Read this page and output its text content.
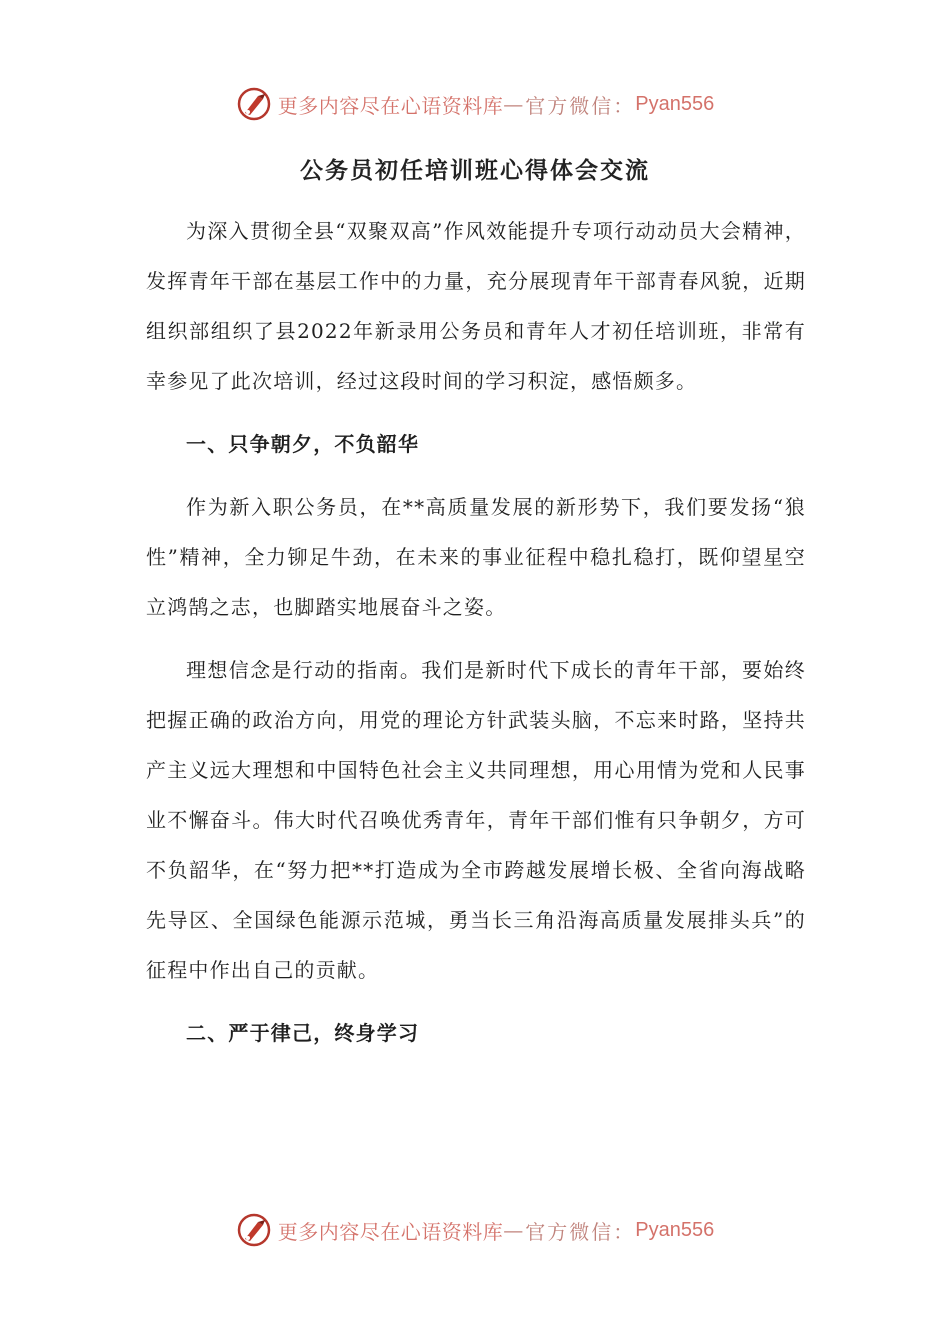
更多内容尽在心语资料库 — 官方微信： Pyan556
公务员初任培训班心得体会交流

为深入贯彻全县“双聚双高”作风效能提升专项行动动员大会精神，发挥青年干部在基层工作中的力量，充分展现青年干部青春风貌，近期组织部组织了县2022年新录用公务员和青年人才初任培训班，非常有幸参见了此次培训，经过这段时间的学习积淀，感悟颇多。

一、只争朝夕，不负韶华

作为新入职公务员，在**高质量发展的新形势下，我们要发扬“狼性”精神，全力铆足牛劲，在未来的事业征程中稳扎稳打，既仰望星空立鸿鹄之志，也脚踏实地展奋斗之姿。

理想信念是行动的指南。我们是新时代下成长的青年干部，要始终把握正确的政治方向，用党的理论方针武装头脑，不忘来时路，坚持共产主义远大理想和中国特色社会主义共同理想，用心用情为党和人民事业不懈奋斗。伟大时代召唤优秀青年，青年干部们惟有只争朝夕，方可不负韶华，在“努力把**打造成为全市跨越发展增长极、全省向海战略先导区、全国绿色能源示范城，勇当长三角沿海高质量发展排头兵”的征程中作出自己的贡献。

二、严于律己，终身学习

更多内容尽在心语资料库 — 官方微信： Pyan556
